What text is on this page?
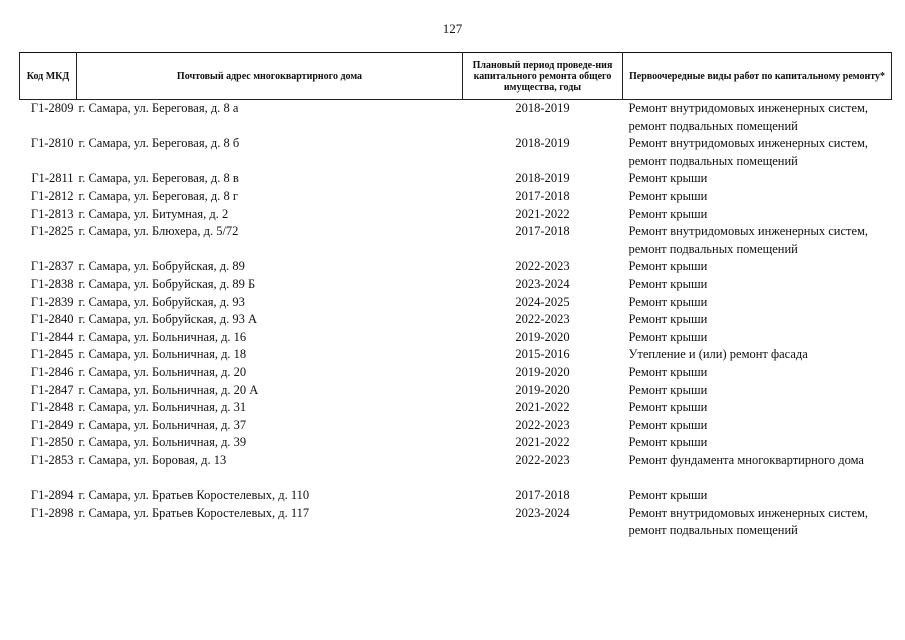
127
Код МКД	Почтовый адрес многоквартирного дома	Плановый период проведе-ния капитального ремонта общего имущества, годы	Первоочередные виды работ по капитальному ремонту*
Г1-2809	г. Самара, ул. Береговая, д. 8 а	2018-2019	Ремонт внутридомовых инженерных систем, ремонт подвальных помещений
Г1-2810	г. Самара, ул. Береговая, д. 8 б	2018-2019	Ремонт внутридомовых инженерных систем, ремонт подвальных помещений
Г1-2811	г. Самара, ул. Береговая, д. 8 в	2018-2019	Ремонт крыши
Г1-2812	г. Самара, ул. Береговая, д. 8 г	2017-2018	Ремонт крыши
Г1-2813	г. Самара, ул. Битумная, д. 2	2021-2022	Ремонт крыши
Г1-2825	г. Самара, ул. Блюхера, д. 5/72	2017-2018	Ремонт внутридомовых инженерных систем, ремонт подвальных помещений
Г1-2837	г. Самара, ул. Бобруйская, д. 89	2022-2023	Ремонт крыши
Г1-2838	г. Самара, ул. Бобруйская, д. 89 Б	2023-2024	Ремонт крыши
Г1-2839	г. Самара, ул. Бобруйская, д. 93	2024-2025	Ремонт крыши
Г1-2840	г. Самара, ул. Бобруйская, д. 93 А	2022-2023	Ремонт крыши
Г1-2844	г. Самара, ул. Больничная, д. 16	2019-2020	Ремонт крыши
Г1-2845	г. Самара, ул. Больничная, д. 18	2015-2016	Утепление и (или) ремонт фасада
Г1-2846	г. Самара, ул. Больничная, д. 20	2019-2020	Ремонт крыши
Г1-2847	г. Самара, ул. Больничная, д. 20 А	2019-2020	Ремонт крыши
Г1-2848	г. Самара, ул. Больничная, д. 31	2021-2022	Ремонт крыши
Г1-2849	г. Самара, ул. Больничная, д. 37	2022-2023	Ремонт крыши
Г1-2850	г. Самара, ул. Больничная, д. 39	2021-2022	Ремонт крыши
Г1-2853	г. Самара, ул. Боровая, д. 13	2022-2023	Ремонт фундамента многоквартирного дома

Г1-2894	г. Самара, ул. Братьев Коростелевых, д. 110	2017-2018	Ремонт крыши
Г1-2898	г. Самара, ул. Братьев Коростелевых, д. 117	2023-2024	Ремонт внутридомовых инженерных систем, ремонт подвальных помещений
